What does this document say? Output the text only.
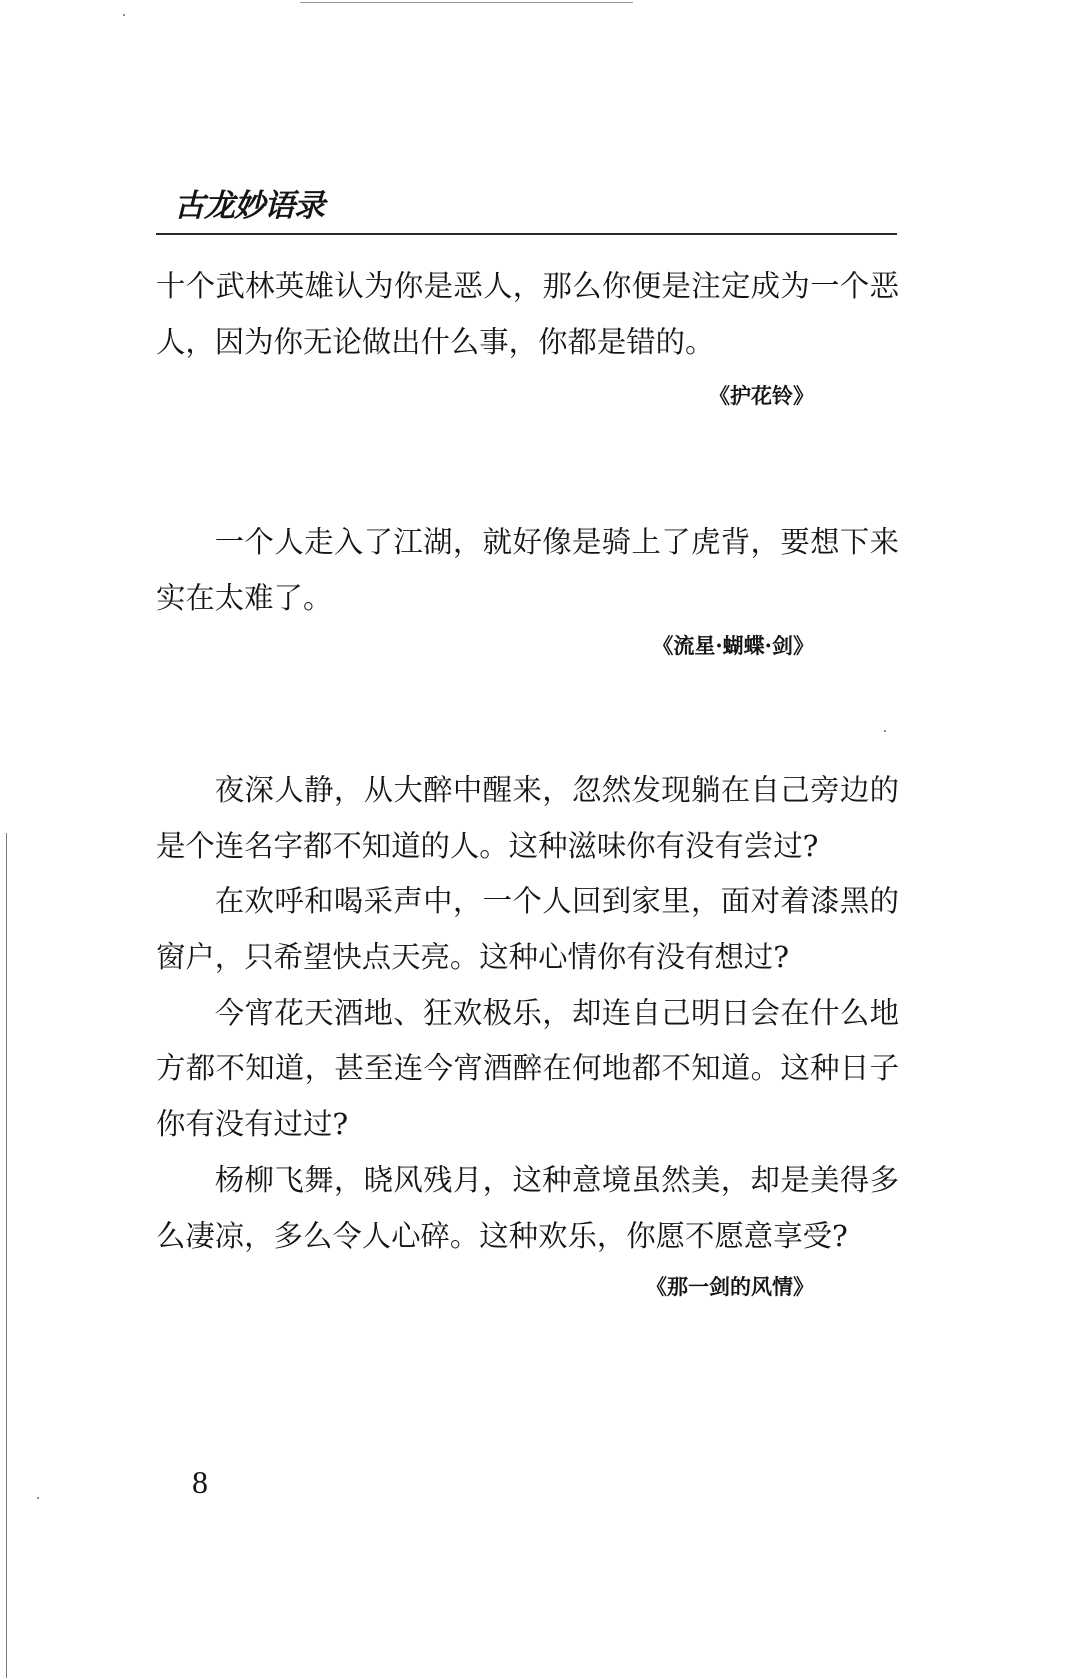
古龙妙语录
十个武林英雄认为你是恶人，那么你便是注定成为一个恶
人，因为你无论做出什么事，你都是错的。
《护花铃》
一个人走入了江湖，就好像是骑上了虎背，要想下来
实在太难了。
《流星·蝴蝶·剑》
夜深人静，从大醉中醒来，忽然发现躺在自己旁边的
是个连名字都不知道的人。这种滋味你有没有尝过?
在欢呼和喝采声中，一个人回到家里，面对着漆黑的
窗户，只希望快点天亮。这种心情你有没有想过?
今宵花天酒地、狂欢极乐，却连自己明日会在什么地
方都不知道，甚至连今宵酒醉在何地都不知道。这种日子
你有没有过过?
杨柳飞舞，晓风残月，这种意境虽然美，却是美得多
么凄凉，多么令人心碎。这种欢乐，你愿不愿意享受?
《那一剑的风情》
8
